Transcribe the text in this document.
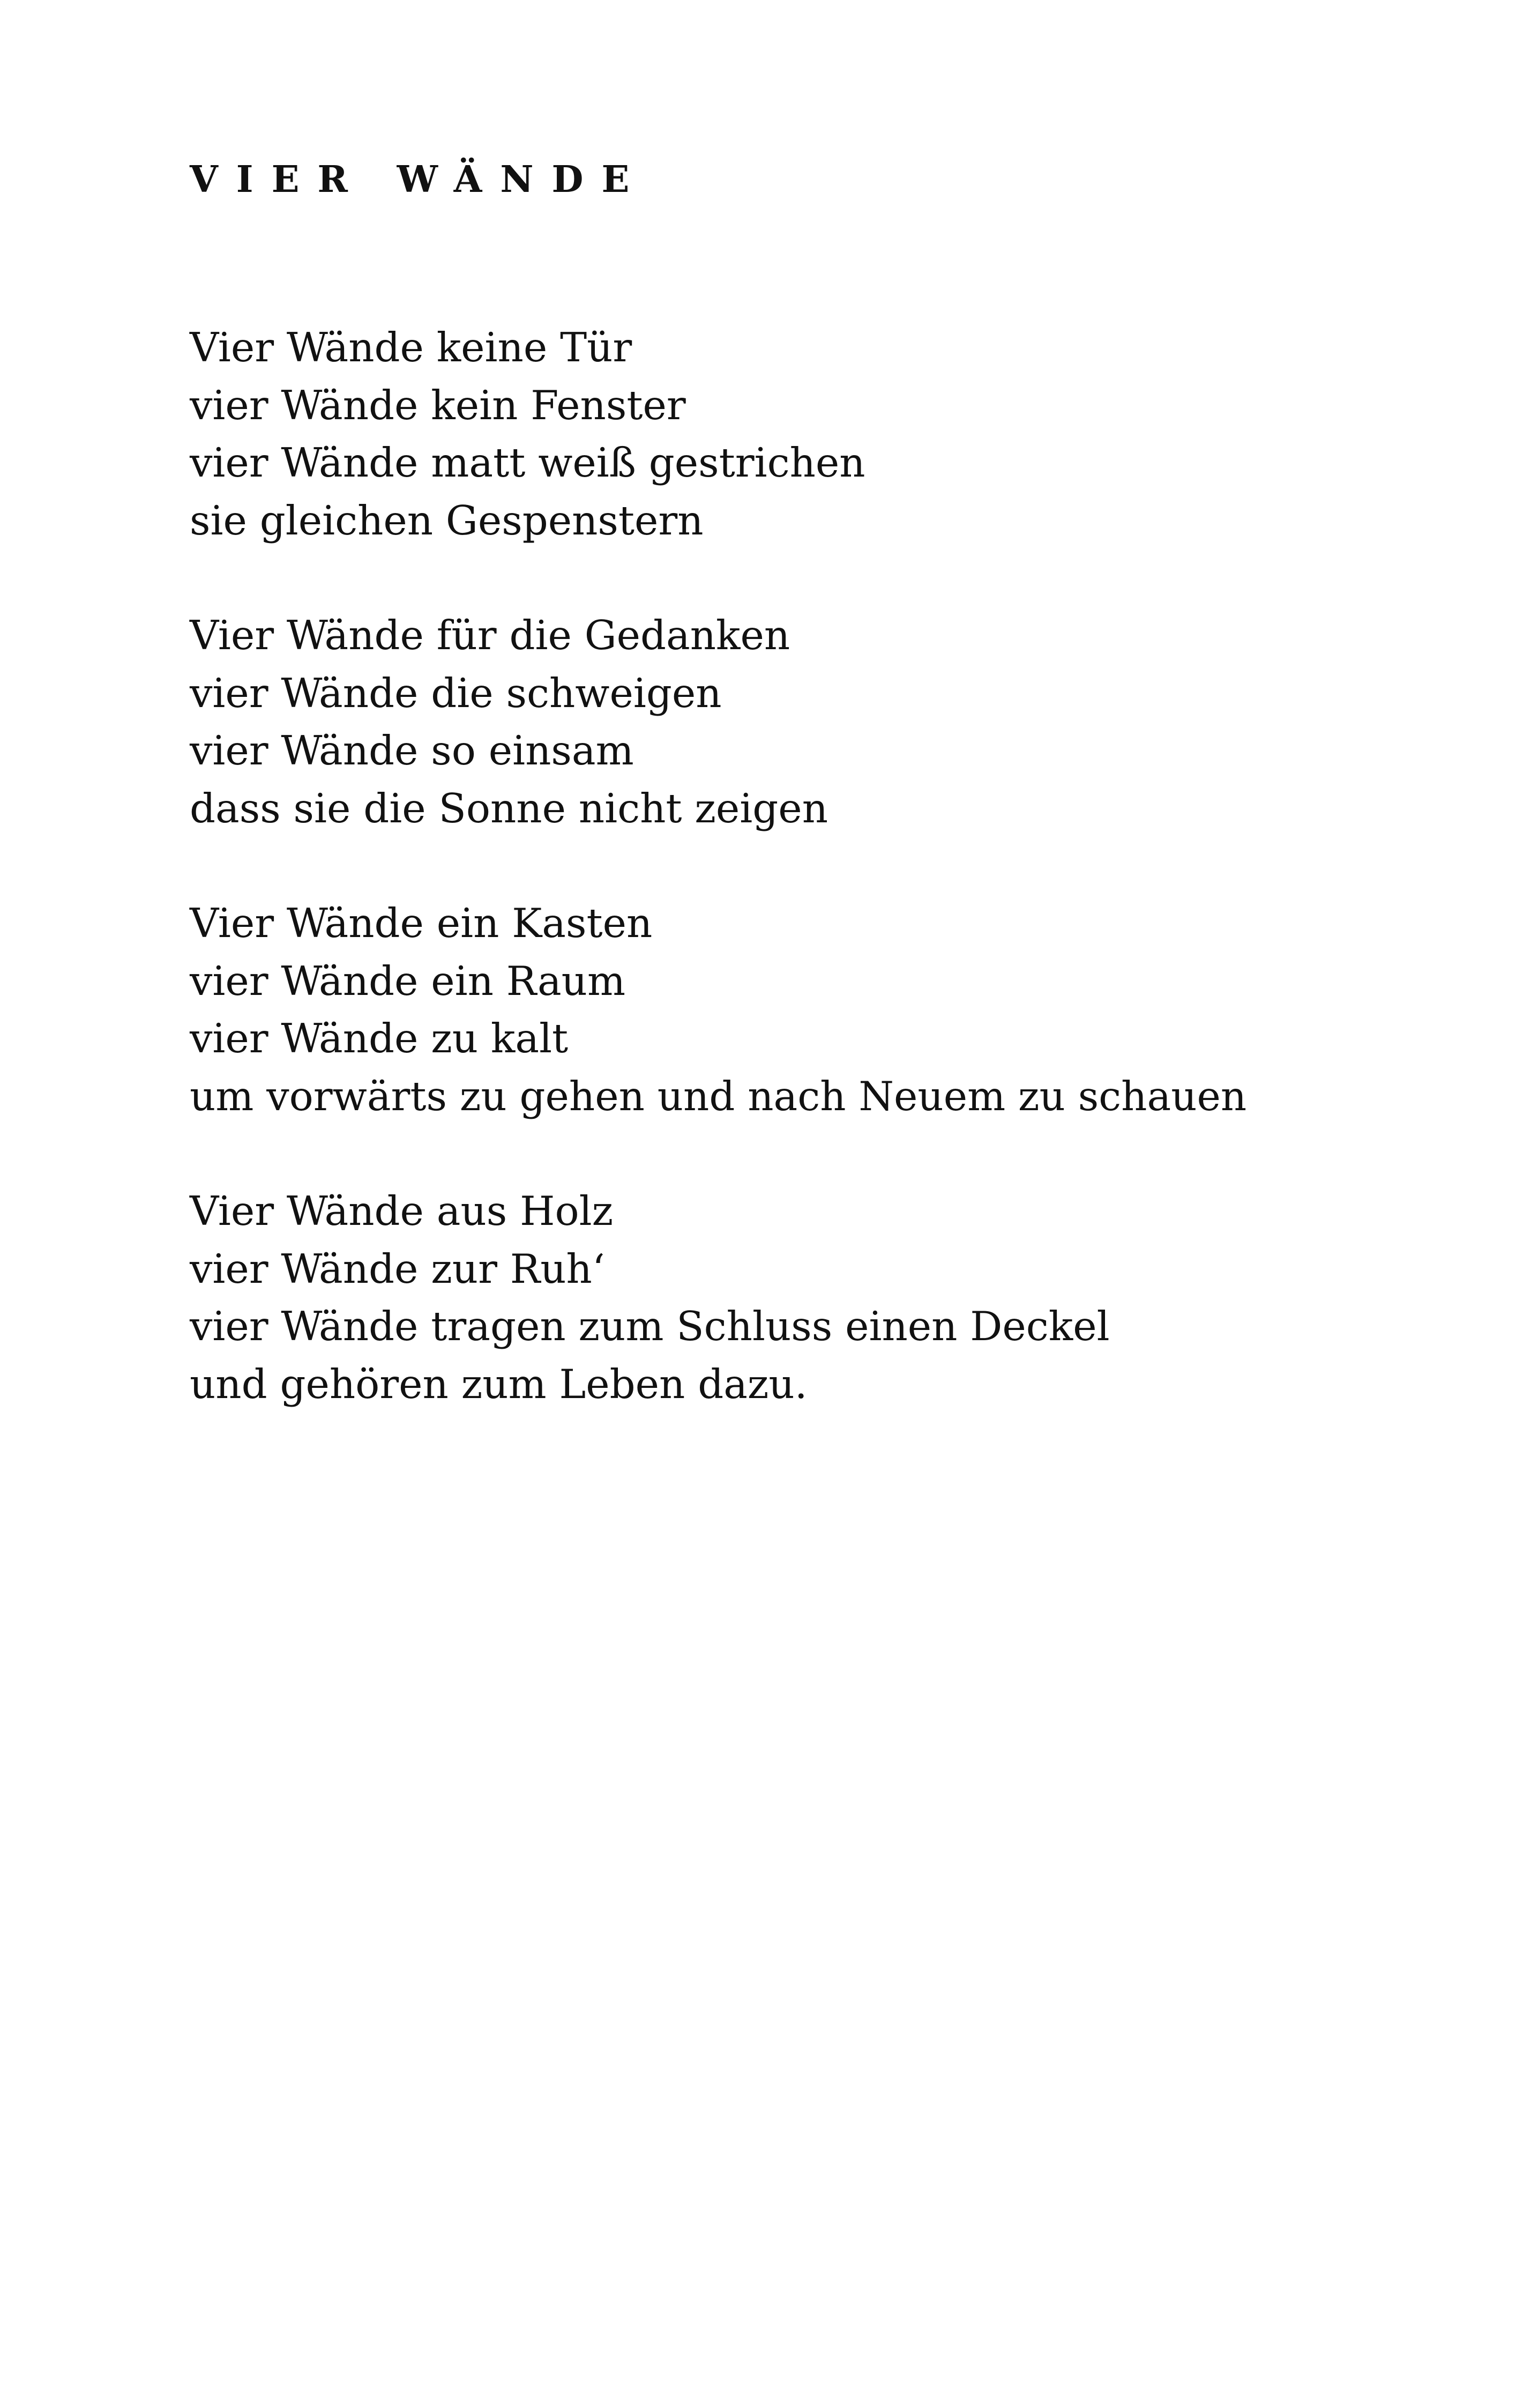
VIER WÄNDE
Vier Wände keine Tür
vier Wände kein Fenster
vier Wände matt weiß gestrichen
sie gleichen Gespenstern
Vier Wände für die Gedanken
vier Wände die schweigen
vier Wände so einsam
dass sie die Sonne nicht zeigen
Vier Wände ein Kasten
vier Wände ein Raum
vier Wände zu kalt
um vorwärts zu gehen und nach Neuem zu schauen
Vier Wände aus Holz
vier Wände zur Ruh‘
vier Wände tragen zum Schluss einen Deckel
und gehören zum Leben dazu.
